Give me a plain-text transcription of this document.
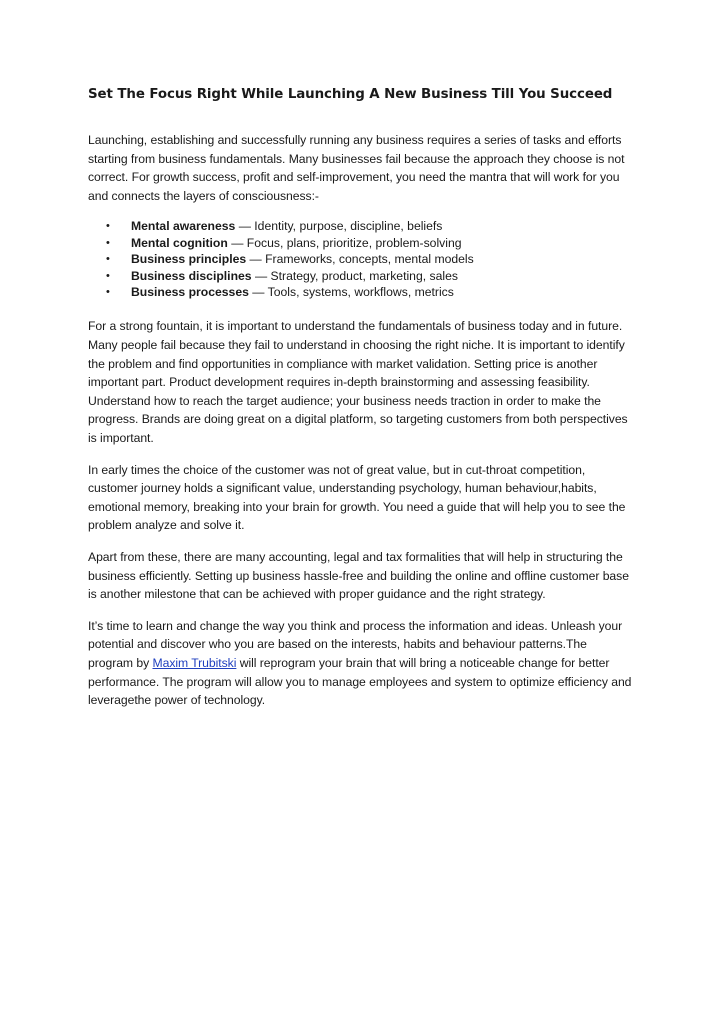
Set The Focus Right While Launching A New Business Till You Succeed

Launching, establishing and successfully running any business requires a series of tasks and efforts starting from business fundamentals. Many businesses fail because the approach they choose is not correct. For growth success, profit and self-improvement, you need the mantra that will work for you and connects the layers of consciousness:-

• Mental awareness — Identity, purpose, discipline, beliefs
• Mental cognition — Focus, plans, prioritize, problem-solving
• Business principles — Frameworks, concepts, mental models
• Business disciplines — Strategy, product, marketing, sales
• Business processes — Tools, systems, workflows, metrics

For a strong fountain, it is important to understand the fundamentals of business today and in future. Many people fail because they fail to understand in choosing the right niche. It is important to identify the problem and find opportunities in compliance with market validation. Setting price is another important part. Product development requires in-depth brainstorming and assessing feasibility. Understand how to reach the target audience; your business needs traction in order to make the progress. Brands are doing great on a digital platform, so targeting customers from both perspectives is important.

In early times the choice of the customer was not of great value, but in cut-throat competition, customer journey holds a significant value, understanding psychology, human behaviour,habits, emotional memory, breaking into your brain for growth. You need a guide that will help you to see the problem analyze and solve it.

Apart from these, there are many accounting, legal and tax formalities that will help in structuring the business efficiently. Setting up business hassle-free and building the online and offline customer base is another milestone that can be achieved with proper guidance and the right strategy.

It’s time to learn and change the way you think and process the information and ideas. Unleash your potential and discover who you are based on the interests, habits and behaviour patterns.The program by Maxim Trubitski will reprogram your brain that will bring a noticeable change for better performance. The program will allow you to manage employees and system to optimize efficiency and leveragethe power of technology.
